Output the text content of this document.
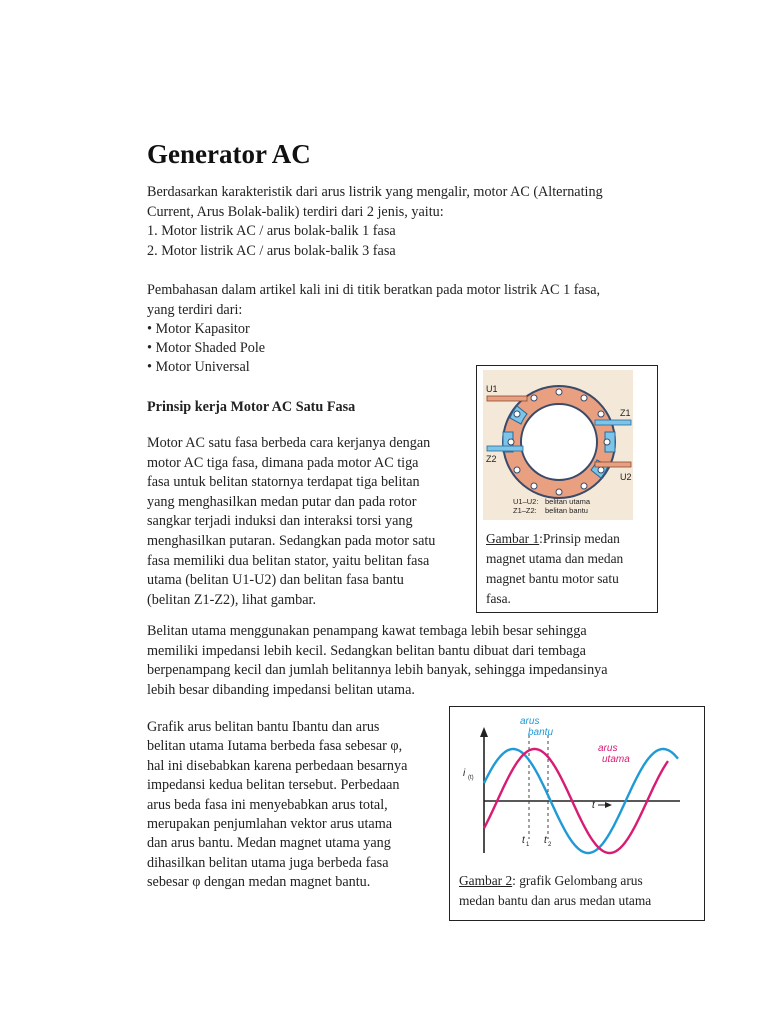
Generator AC
Berdasarkan karakteristik dari arus listrik yang mengalir, motor AC (Alternating
Current, Arus Bolak-balik) terdiri dari 2 jenis, yaitu:
1. Motor listrik AC / arus bolak-balik 1 fasa
2. Motor listrik AC / arus bolak-balik 3 fasa
Pembahasan dalam artikel kali ini di titik beratkan pada motor listrik AC 1 fasa,
yang terdiri dari:
• Motor Kapasitor
• Motor Shaded Pole
• Motor Universal
Prinsip kerja Motor AC Satu Fasa
Motor AC satu fasa berbeda cara kerjanya dengan
motor AC tiga fasa, dimana pada motor AC tiga
fasa untuk belitan statornya terdapat tiga belitan
yang menghasilkan medan putar dan pada rotor
sangkar terjadi induksi dan interaksi torsi yang
menghasilkan putaran. Sedangkan pada motor satu
fasa memiliki dua belitan stator, yaitu belitan fasa
utama (belitan U1-U2) dan belitan fasa bantu
(belitan Z1-Z2), lihat gambar.
U1
Z1
Z2
U2
U1–U2: belitan utama
Z1–Z2: belitan bantu
Gambar 1:Prinsip medan
magnet utama dan medan
magnet bantu motor satu
fasa.
Belitan utama menggunakan penampang kawat tembaga lebih besar sehingga
memiliki impedansi lebih kecil. Sedangkan belitan bantu dibuat dari tembaga
berpenampang kecil dan jumlah belitannya lebih banyak, sehingga impedansinya
lebih besar dibanding impedansi belitan utama.
Grafik arus belitan bantu Ibantu dan arus
belitan utama Iutama berbeda fasa sebesar φ,
hal ini disebabkan karena perbedaan besarnya
impedansi kedua belitan tersebut. Perbedaan
arus beda fasa ini menyebabkan arus total,
merupakan penjumlahan vektor arus utama
dan arus bantu. Medan magnet utama yang
dihasilkan belitan utama juga berbeda fasa
sebesar φ dengan medan magnet bantu.
arus
bantu
arus
utama
i (t)
t
t 1 t 2
Gambar 2: grafik Gelombang arus
medan bantu dan arus medan utama
